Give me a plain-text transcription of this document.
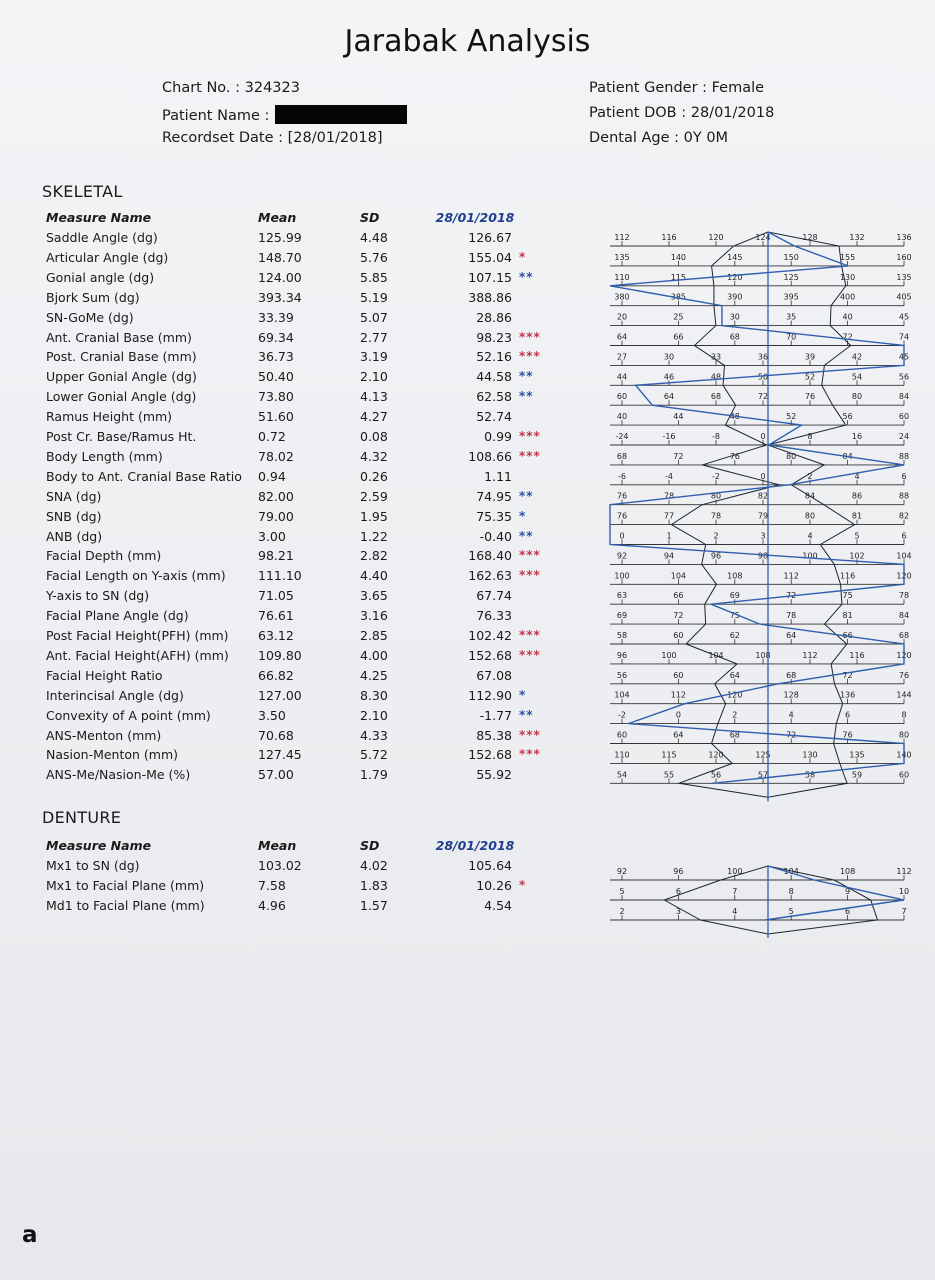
Jarabak Analysis
Chart No. : 324323
Patient Name :
Recordset Date : [28/01/2018]
Patient Gender : Female
Patient DOB : 28/01/2018
Dental Age : 0Y 0M
SKELETAL
Measure Name	Mean	SD	28/01/2018
Saddle Angle (dg)	125.99	4.48	126.67
Articular Angle (dg)	148.70	5.76	155.04 *
Gonial angle (dg)	124.00	5.85	107.15 **
Bjork Sum (dg)	393.34	5.19	388.86
SN-GoMe (dg)	33.39	5.07	28.86
Ant. Cranial Base (mm)	69.34	2.77	98.23 ***
Post. Cranial Base (mm)	36.73	3.19	52.16 ***
Upper Gonial Angle (dg)	50.40	2.10	44.58 **
Lower Gonial Angle (dg)	73.80	4.13	62.58 **
Ramus Height (mm)	51.60	4.27	52.74
Post Cr. Base/Ramus Ht.	0.72	0.08	0.99 ***
Body Length (mm)	78.02	4.32	108.66 ***
Body to Ant. Cranial Base Ratio 0.94	0.26	1.11
SNA (dg)	82.00	2.59	74.95 **
SNB (dg)	79.00	1.95	75.35 *
ANB (dg)	3.00	1.22	-0.40 **
Facial Depth (mm)	98.21	2.82	168.40 ***
Facial Length on Y-axis (mm)	111.10	4.40	162.63 ***
Y-axis to SN (dg)	71.05	3.65	67.74
Facial Plane Angle (dg)	76.61	3.16	76.33
Post Facial Height(PFH) (mm) 63.12	2.85	102.42 ***
Ant. Facial Height(AFH) (mm) 109.80	4.00	152.68 ***
Facial Height Ratio	66.82	4.25	67.08
Interincisal Angle (dg)	127.00	8.30	112.90 *
Convexity of A point (mm)	3.50	2.10	-1.77 **
ANS-Menton (mm)	70.68	4.33	85.38 ***
Nasion-Menton (mm)	127.45	5.72	152.68 ***
ANS-Me/Nasion-Me (%)	57.00	1.79	55.92
DENTURE
Measure Name	Mean	SD	28/01/2018
Mx1 to SN (dg)	103.02	4.02	105.64
Mx1 to Facial Plane (mm)	7.58	1.83	10.26 *
Md1 to Facial Plane (mm)	4.96	1.57	4.54
112	116	120	124	128	132	136
135	140	145	150	155	160
110	115	120	125	130	135
380	385	390	395	400	405
20	25	30	35	40	45
64	66	68	70	72	74
27	30	33	36	39	42	45
44	46	48	50	52	54	56
60	64	68	72	76	80	84
40	44	48	52	56	60
-24	-16	-8	0	8	16	24
68	72	76	80	84	88
-6	-4	-2	0	2	4	6
76	78	80	82	84	86	88
76	77	78	79	80	81	82
0	1	2	3	4	5	6
92	94	96	98	100	102	104
100	104	108	112	116	120
63	66	69	72	75	78
69	72	75	78	81	84
58	60	62	64	66	68
96	100	104	108	112	116	120
56	60	64	68	72	76
104	112	120	128	136	144
-2	0	2	4	6	8
60	64	68	72	76	80
110	115	120	125	130	135	140
54	55	56	57	58	59	60
92	96	100	104	108	112
5	6	7	8	9	10
2	3	4	5	6	7
a
